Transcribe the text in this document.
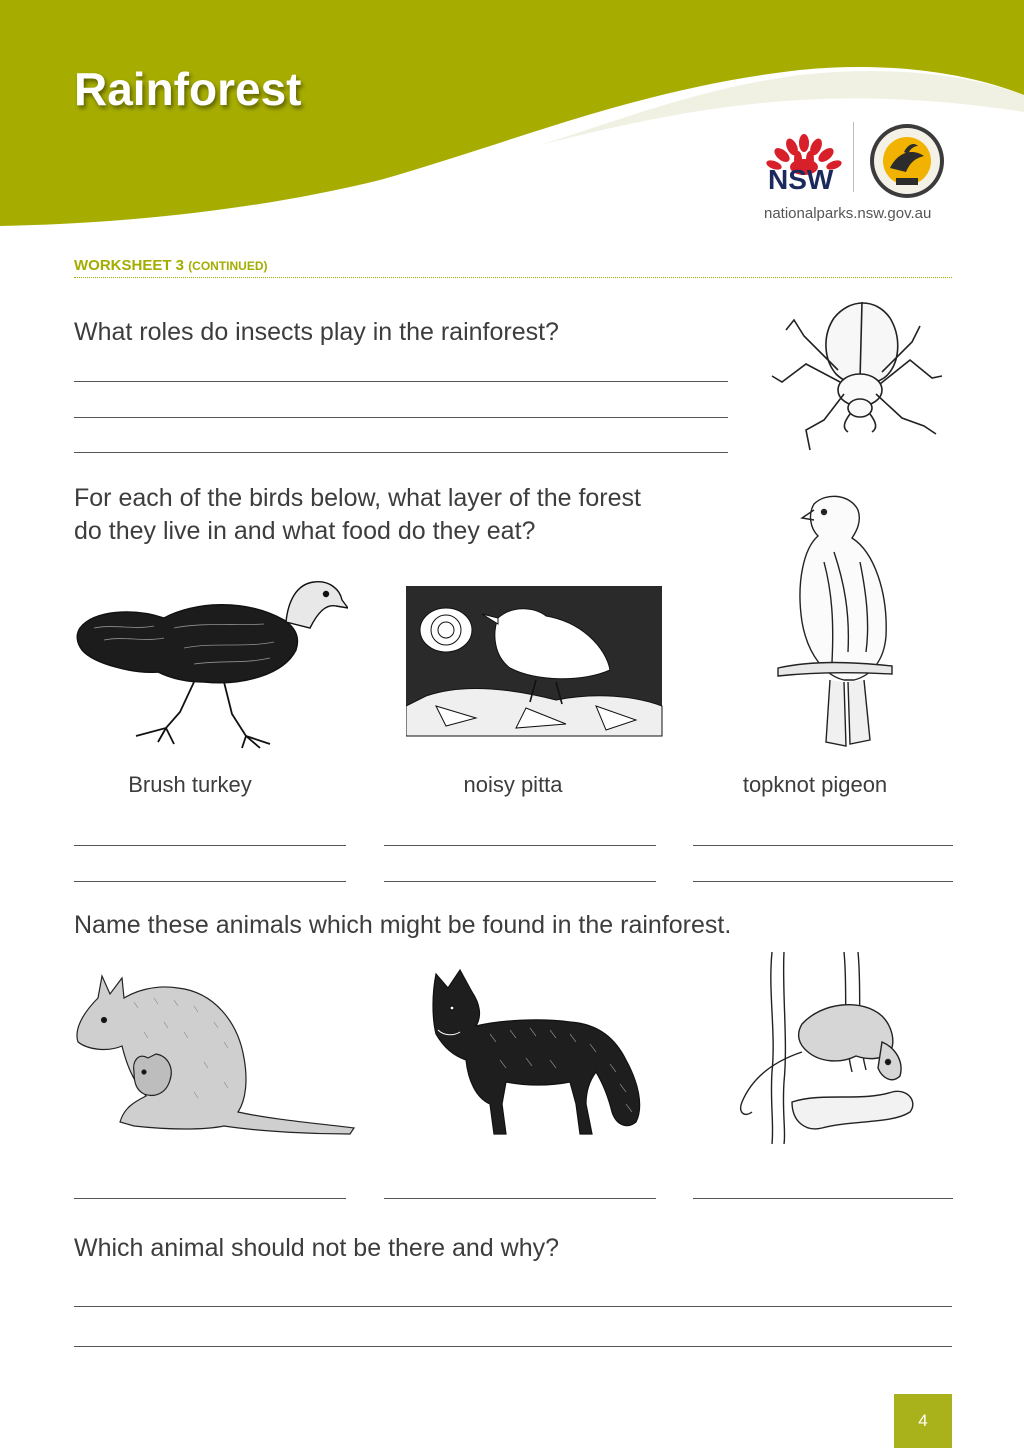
Rainforest
NSW
nationalparks.nsw.gov.au
WORKSHEET 3 (CONTINUED)
What roles do insects play in the rainforest?
For each of the birds below, what layer of the forest
do they live in and what food do they eat?
Brush turkey	noisy pitta	topknot pigeon
Name these animals which might be found in the rainforest.
Which animal should not be there and why?
4
